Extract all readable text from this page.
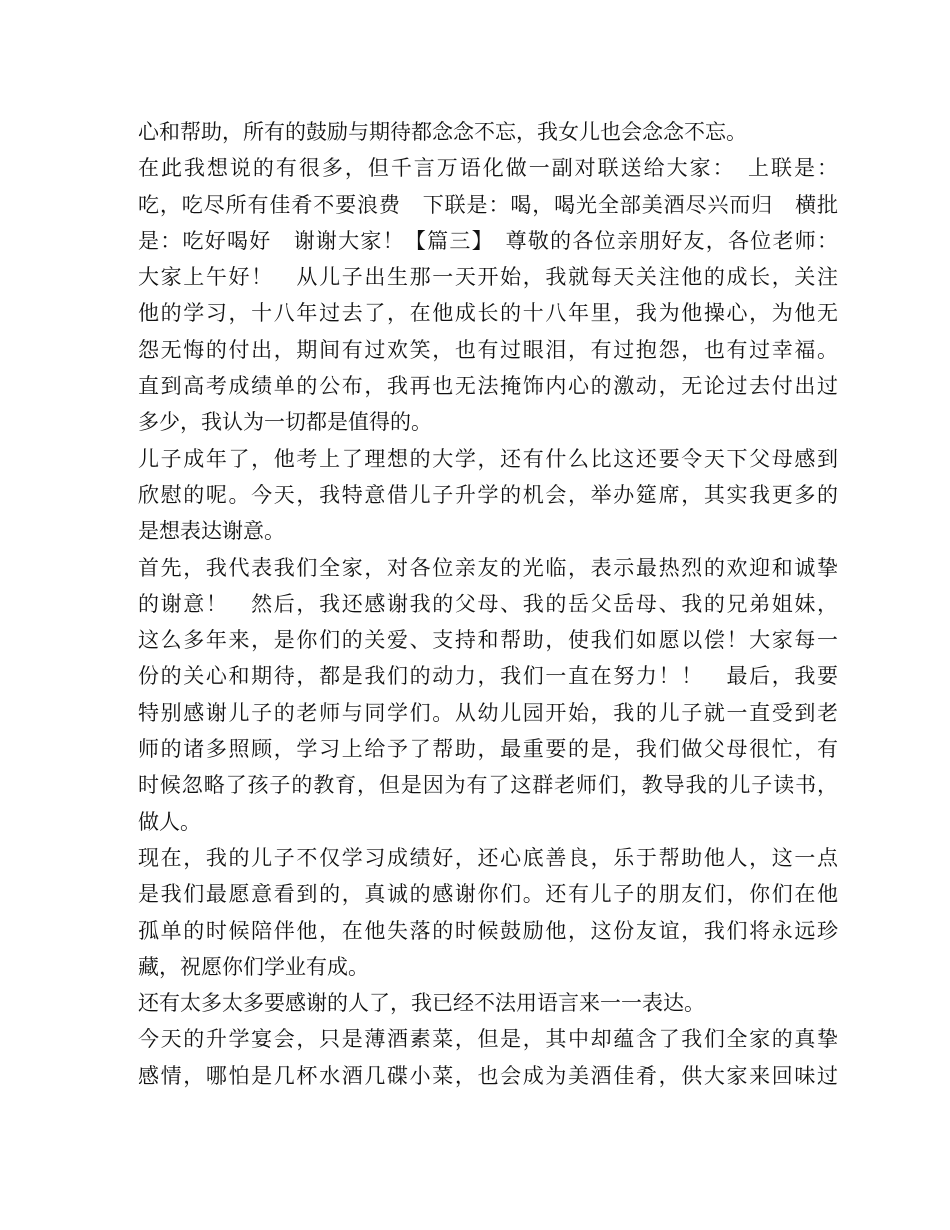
心和帮助，所有的鼓励与期待都念念不忘，我女儿也会念念不忘。
在此我想说的有很多，但千言万语化做一副对联送给大家：　上联是：
吃，吃尽所有佳肴不要浪费　下联是：喝，喝光全部美酒尽兴而归　横批
是：吃好喝好　谢谢大家！【篇三】　尊敬的各位亲朋好友，各位老师：
大家上午好！　从儿子出生那一天开始，我就每天关注他的成长，关注
他的学习，十八年过去了，在他成长的十八年里，我为他操心，为他无
怨无悔的付出，期间有过欢笑，也有过眼泪，有过抱怨，也有过幸福。
直到高考成绩单的公布，我再也无法掩饰内心的激动，无论过去付出过
多少，我认为一切都是值得的。
儿子成年了，他考上了理想的大学，还有什么比这还要令天下父母感到
欣慰的呢。今天，我特意借儿子升学的机会，举办筵席，其实我更多的
是想表达谢意。
首先，我代表我们全家，对各位亲友的光临，表示最热烈的欢迎和诚挚
的谢意！　然后，我还感谢我的父母、我的岳父岳母、我的兄弟姐妹，
这么多年来，是你们的关爱、支持和帮助，使我们如愿以偿！大家每一
份的关心和期待，都是我们的动力，我们一直在努力！！　最后，我要
特别感谢儿子的老师与同学们。从幼儿园开始，我的儿子就一直受到老
师的诸多照顾，学习上给予了帮助，最重要的是，我们做父母很忙，有
时候忽略了孩子的教育，但是因为有了这群老师们，教导我的儿子读书，
做人。
现在，我的儿子不仅学习成绩好，还心底善良，乐于帮助他人，这一点
是我们最愿意看到的，真诚的感谢你们。还有儿子的朋友们，你们在他
孤单的时候陪伴他，在他失落的时候鼓励他，这份友谊，我们将永远珍
藏，祝愿你们学业有成。
还有太多太多要感谢的人了，我已经不法用语言来一一表达。
今天的升学宴会，只是薄酒素菜，但是，其中却蕴含了我们全家的真挚
感情，哪怕是几杯水酒几碟小菜，也会成为美酒佳肴，供大家来回味过
